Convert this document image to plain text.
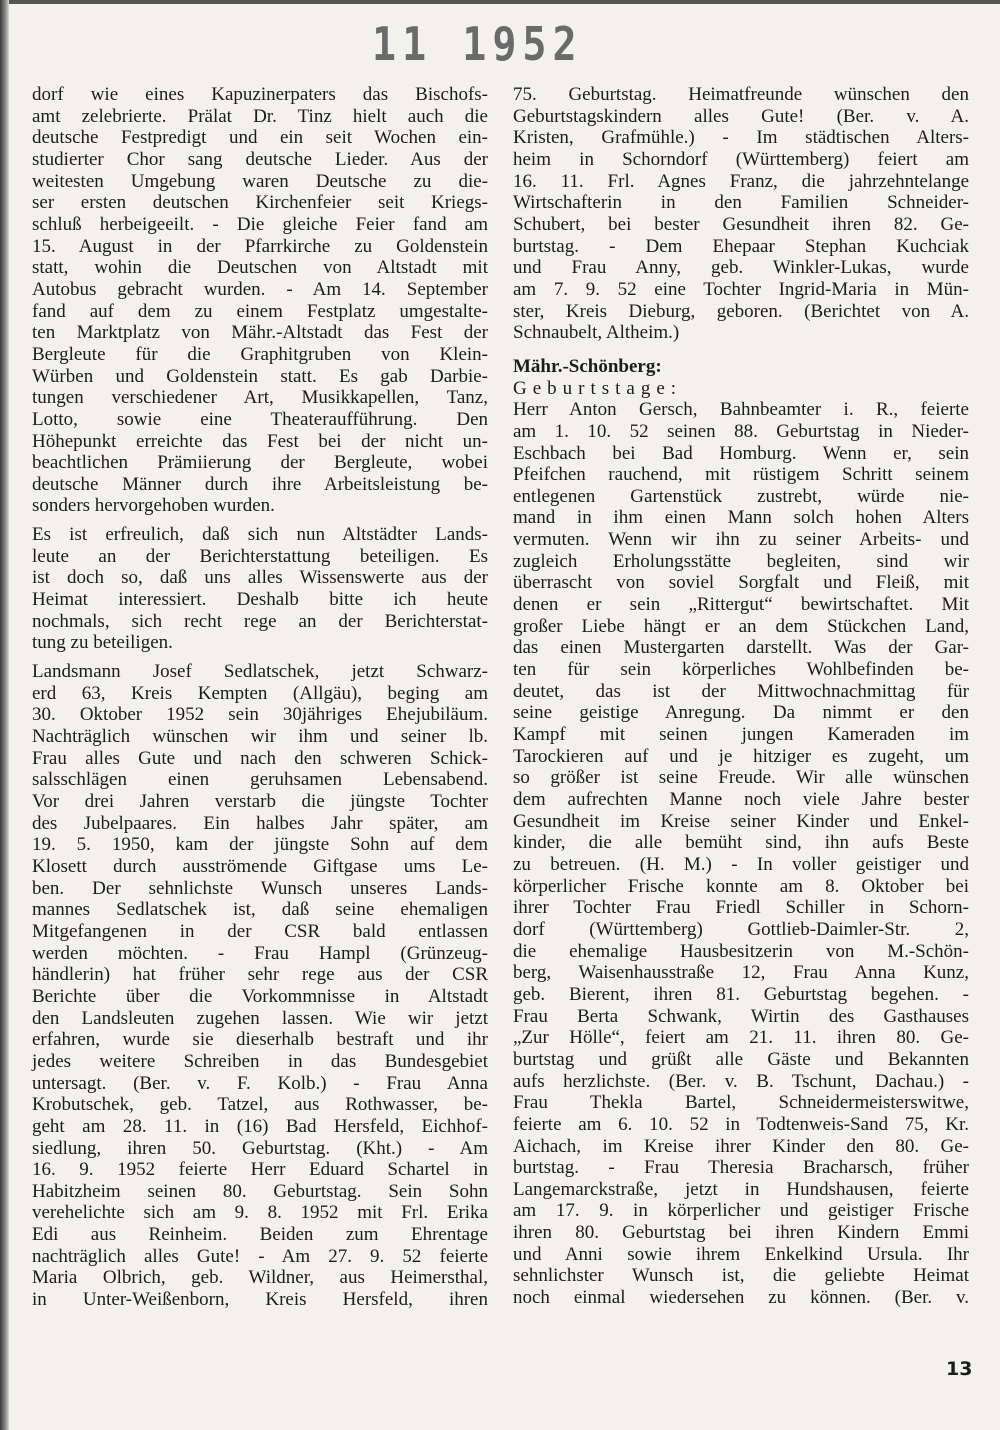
11 1952
dorf wie eines Kapuzinerpaters das Bischofs-
amt zelebrierte. Prälat Dr. Tinz hielt auch die
deutsche Festpredigt und ein seit Wochen ein-
studierter Chor sang deutsche Lieder. Aus der
weitesten Umgebung waren Deutsche zu die-
ser ersten deutschen Kirchenfeier seit Kriegs-
schluß herbeigeeilt. - Die gleiche Feier fand am
15. August in der Pfarrkirche zu Goldenstein
statt, wohin die Deutschen von Altstadt mit
Autobus gebracht wurden. - Am 14. September
fand auf dem zu einem Festplatz umgestalte-
ten Marktplatz von Mähr.-Altstadt das Fest der
Bergleute für die Graphitgruben von Klein-
Würben und Goldenstein statt. Es gab Darbie-
tungen verschiedener Art, Musikkapellen, Tanz,
Lotto, sowie eine Theateraufführung. Den
Höhepunkt erreichte das Fest bei der nicht un-
beachtlichen Prämiierung der Bergleute, wobei
deutsche Männer durch ihre Arbeitsleistung be-
sonders hervorgehoben wurden.
Es ist erfreulich, daß sich nun Altstädter Lands-
leute an der Berichterstattung beteiligen. Es
ist doch so, daß uns alles Wissenswerte aus der
Heimat interessiert. Deshalb bitte ich heute
nochmals, sich recht rege an der Berichterstat-
tung zu beteiligen.
Landsmann Josef Sedlatschek, jetzt Schwarz-
erd 63, Kreis Kempten (Allgäu), beging am
30. Oktober 1952 sein 30jähriges Ehejubiläum.
Nachträglich wünschen wir ihm und seiner lb.
Frau alles Gute und nach den schweren Schick-
salsschlägen einen geruhsamen Lebensabend.
Vor drei Jahren verstarb die jüngste Tochter
des Jubelpaares. Ein halbes Jahr später, am
19. 5. 1950, kam der jüngste Sohn auf dem
Klosett durch ausströmende Giftgase ums Le-
ben. Der sehnlichste Wunsch unseres Lands-
mannes Sedlatschek ist, daß seine ehemaligen
Mitgefangenen in der CSR bald entlassen
werden möchten. - Frau Hampl (Grünzeug-
händlerin) hat früher sehr rege aus der CSR
Berichte über die Vorkommnisse in Altstadt
den Landsleuten zugehen lassen. Wie wir jetzt
erfahren, wurde sie dieserhalb bestraft und ihr
jedes weitere Schreiben in das Bundesgebiet
untersagt. (Ber. v. F. Kolb.) - Frau Anna
Krobutschek, geb. Tatzel, aus Rothwasser, be-
geht am 28. 11. in (16) Bad Hersfeld, Eichhof-
siedlung, ihren 50. Geburtstag. (Kht.) - Am
16. 9. 1952 feierte Herr Eduard Schartel in
Habitzheim seinen 80. Geburtstag. Sein Sohn
verehelichte sich am 9. 8. 1952 mit Frl. Erika
Edi aus Reinheim. Beiden zum Ehrentage
nachträglich alles Gute! - Am 27. 9. 52 feierte
Maria Olbrich, geb. Wildner, aus Heimersthal,
in Unter-Weißenborn, Kreis Hersfeld, ihren
75. Geburtstag. Heimatfreunde wünschen den
Geburtstagskindern alles Gute! (Ber. v. A.
Kristen, Grafmühle.) - Im städtischen Alters-
heim in Schorndorf (Württemberg) feiert am
16. 11. Frl. Agnes Franz, die jahrzehntelange
Wirtschafterin in den Familien Schneider-
Schubert, bei bester Gesundheit ihren 82. Ge-
burtstag. - Dem Ehepaar Stephan Kuchciak
und Frau Anny, geb. Winkler-Lukas, wurde
am 7. 9. 52 eine Tochter Ingrid-Maria in Mün-
ster, Kreis Dieburg, geboren. (Berichtet von A.
Schnaubelt, Altheim.)
Mähr.-Schönberg:
Geburtstage:
Herr Anton Gersch, Bahnbeamter i. R., feierte
am 1. 10. 52 seinen 88. Geburtstag in Nieder-
Eschbach bei Bad Homburg. Wenn er, sein
Pfeifchen rauchend, mit rüstigem Schritt seinem
entlegenen Gartenstück zustrebt, würde nie-
mand in ihm einen Mann solch hohen Alters
vermuten. Wenn wir ihn zu seiner Arbeits- und
zugleich Erholungsstätte begleiten, sind wir
überrascht von soviel Sorgfalt und Fleiß, mit
denen er sein „Rittergut“ bewirtschaftet. Mit
großer Liebe hängt er an dem Stückchen Land,
das einen Mustergarten darstellt. Was der Gar-
ten für sein körperliches Wohlbefinden be-
deutet, das ist der Mittwochnachmittag für
seine geistige Anregung. Da nimmt er den
Kampf mit seinen jungen Kameraden im
Tarockieren auf und je hitziger es zugeht, um
so größer ist seine Freude. Wir alle wünschen
dem aufrechten Manne noch viele Jahre bester
Gesundheit im Kreise seiner Kinder und Enkel-
kinder, die alle bemüht sind, ihn aufs Beste
zu betreuen. (H. M.) - In voller geistiger und
körperlicher Frische konnte am 8. Oktober bei
ihrer Tochter Frau Friedl Schiller in Schorn-
dorf (Württemberg) Gottlieb-Daimler-Str. 2,
die ehemalige Hausbesitzerin von M.-Schön-
berg, Waisenhausstraße 12, Frau Anna Kunz,
geb. Bierent, ihren 81. Geburtstag begehen. -
Frau Berta Schwank, Wirtin des Gasthauses
„Zur Hölle“, feiert am 21. 11. ihren 80. Ge-
burtstag und grüßt alle Gäste und Bekannten
aufs herzlichste. (Ber. v. B. Tschunt, Dachau.) -
Frau Thekla Bartel, Schneidermeisterswitwe,
feierte am 6. 10. 52 in Todtenweis-Sand 75, Kr.
Aichach, im Kreise ihrer Kinder den 80. Ge-
burtstag. - Frau Theresia Bracharsch, früher
Langemarckstraße, jetzt in Hundshausen, feierte
am 17. 9. in körperlicher und geistiger Frische
ihren 80. Geburtstag bei ihren Kindern Emmi
und Anni sowie ihrem Enkelkind Ursula. Ihr
sehnlichster Wunsch ist, die geliebte Heimat
noch einmal wiedersehen zu können. (Ber. v.
13
